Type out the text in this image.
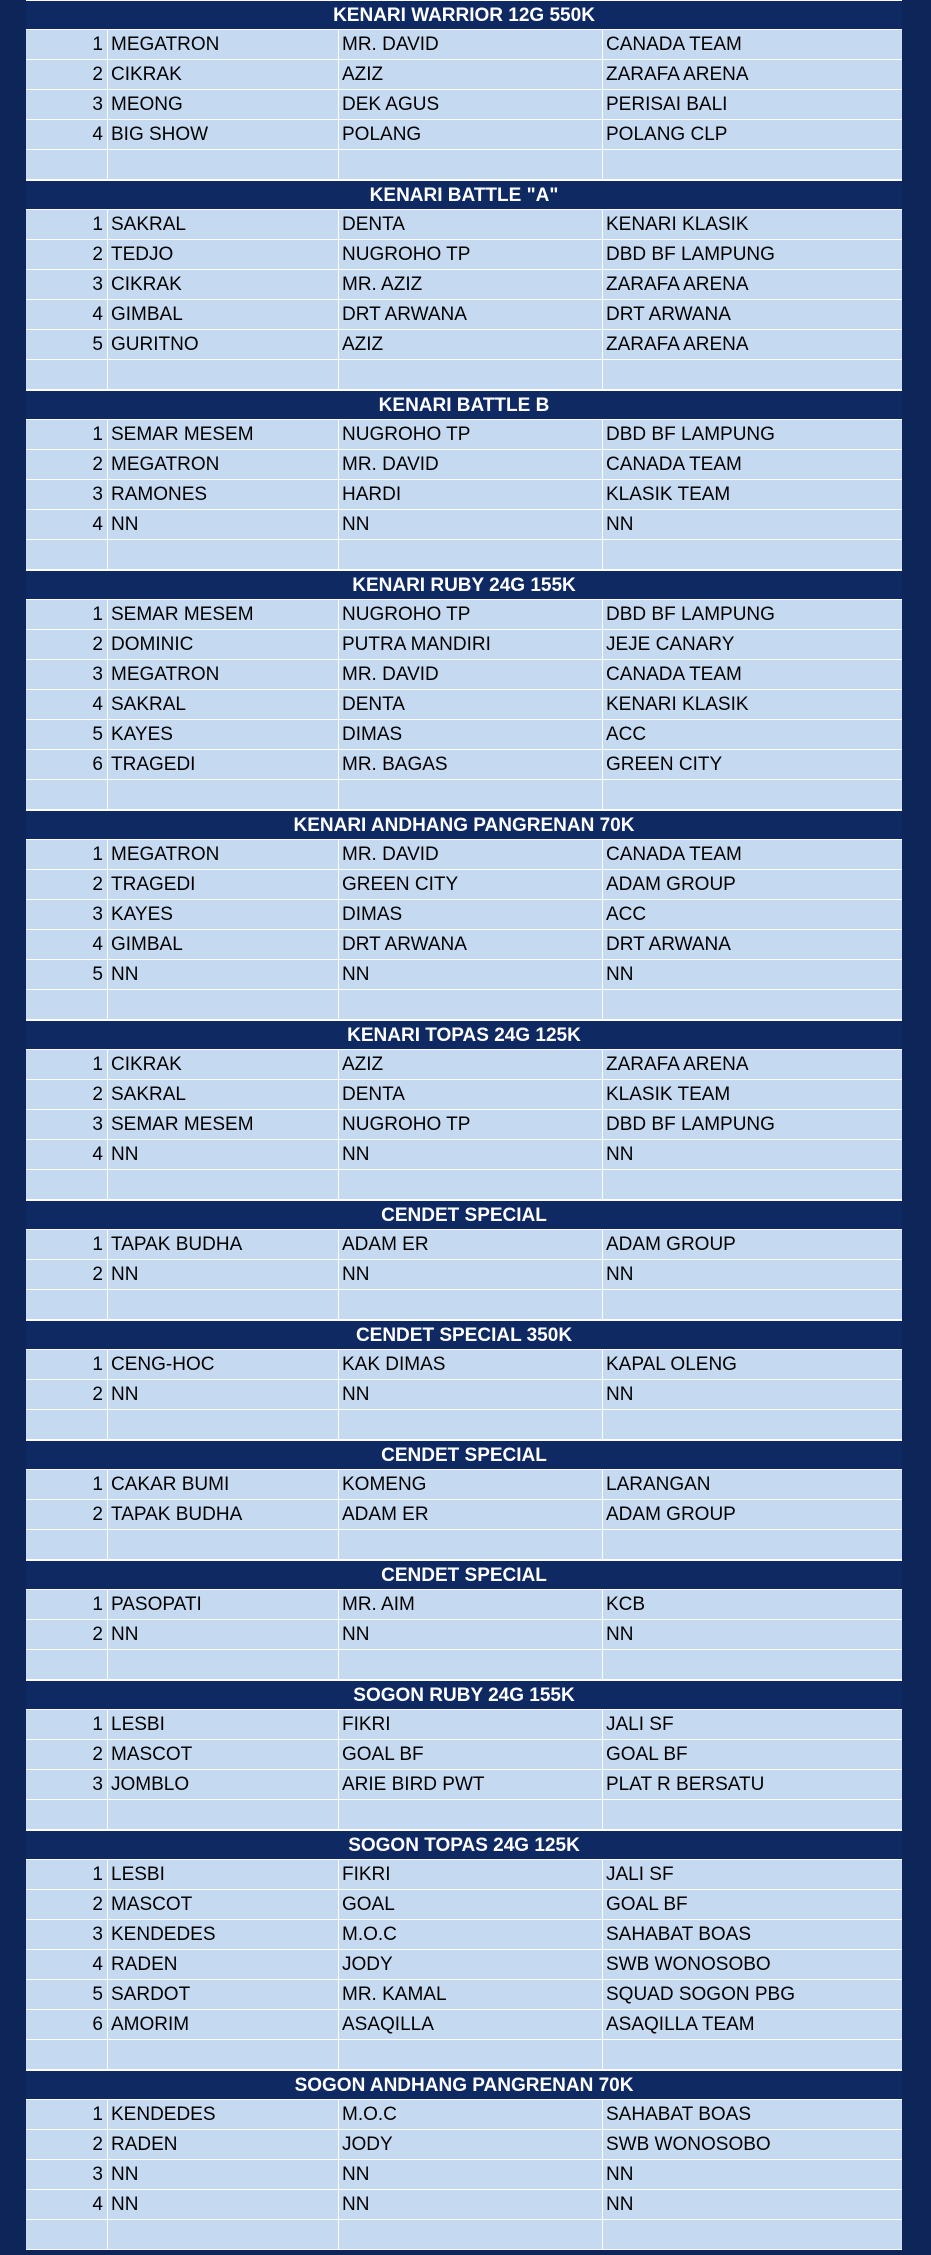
KENARI WARRIOR 12G 550K
1 MEGATRON	MR. DAVID	CANADA TEAM
2 CIKRAK	AZIZ	ZARAFA ARENA
3 MEONG	DEK AGUS	PERISAI BALI
4 BIG SHOW	POLANG	POLANG CLP
KENARI BATTLE "A"
1 SAKRAL	DENTA	KENARI KLASIK
2 TEDJO	NUGROHO TP	DBD BF LAMPUNG
3 CIKRAK	MR. AZIZ	ZARAFA ARENA
4 GIMBAL	DRT ARWANA	DRT ARWANA
5 GURITNO	AZIZ	ZARAFA ARENA
KENARI BATTLE B
1 SEMAR MESEM	NUGROHO TP	DBD BF LAMPUNG
2 MEGATRON	MR. DAVID	CANADA TEAM
3 RAMONES	HARDI	KLASIK TEAM
4 NN	NN	NN
KENARI RUBY 24G 155K
1 SEMAR MESEM	NUGROHO TP	DBD BF LAMPUNG
2 DOMINIC	PUTRA MANDIRI	JEJE CANARY
3 MEGATRON	MR. DAVID	CANADA TEAM
4 SAKRAL	DENTA	KENARI KLASIK
5 KAYES	DIMAS	ACC
6 TRAGEDI	MR. BAGAS	GREEN CITY
KENARI ANDHANG PANGRENAN 70K
1 MEGATRON	MR. DAVID	CANADA TEAM
2 TRAGEDI	GREEN CITY	ADAM GROUP
3 KAYES	DIMAS	ACC
4 GIMBAL	DRT ARWANA	DRT ARWANA
5 NN	NN	NN
KENARI TOPAS 24G 125K
1 CIKRAK	AZIZ	ZARAFA ARENA
2 SAKRAL	DENTA	KLASIK TEAM
3 SEMAR MESEM	NUGROHO TP	DBD BF LAMPUNG
4 NN	NN	NN
CENDET SPECIAL
1 TAPAK BUDHA	ADAM ER	ADAM GROUP
2 NN	NN	NN
CENDET SPECIAL 350K
1 CENG-HOC	KAK DIMAS	KAPAL OLENG
2 NN	NN	NN
CENDET SPECIAL
1 CAKAR BUMI	KOMENG	LARANGAN
2 TAPAK BUDHA	ADAM ER	ADAM GROUP
CENDET SPECIAL
1 PASOPATI	MR. AIM	KCB
2 NN	NN	NN
SOGON RUBY 24G 155K
1 LESBI	FIKRI	JALI SF
2 MASCOT	GOAL BF	GOAL BF
3 JOMBLO	ARIE BIRD PWT	PLAT R BERSATU
SOGON TOPAS 24G 125K
1 LESBI	FIKRI	JALI SF
2 MASCOT	GOAL	GOAL BF
3 KENDEDES	M.O.C	SAHABAT BOAS
4 RADEN	JODY	SWB WONOSOBO
5 SARDOT	MR. KAMAL	SQUAD SOGON PBG
6 AMORIM	ASAQILLA	ASAQILLA TEAM
SOGON ANDHANG PANGRENAN 70K
1 KENDEDES	M.O.C	SAHABAT BOAS
2 RADEN	JODY	SWB WONOSOBO
3 NN	NN	NN
4 NN	NN	NN
